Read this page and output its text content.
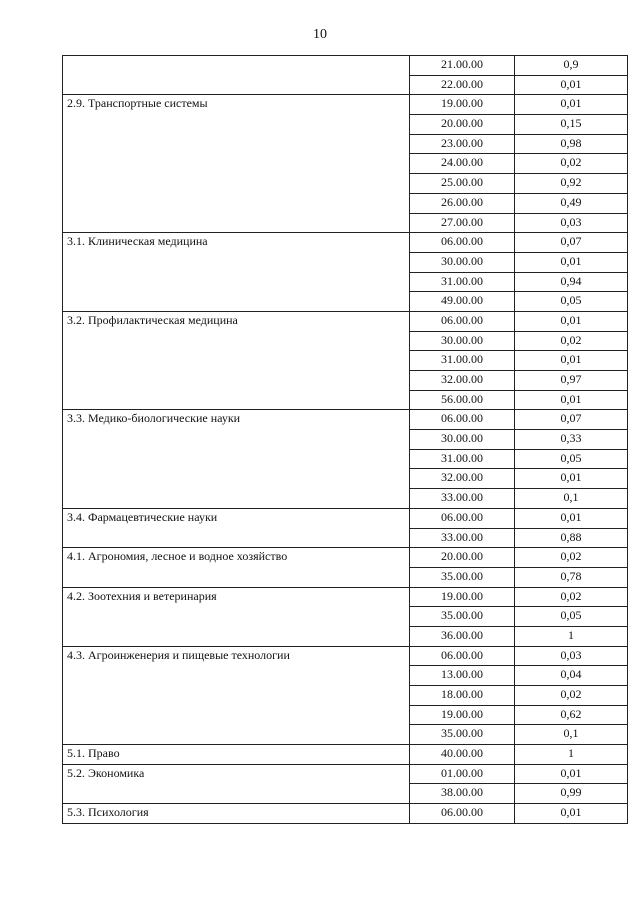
10
	21.00.00	0,9
	22.00.00	0,01
2.9. Транспортные системы	19.00.00	0,01
	20.00.00	0,15
	23.00.00	0,98
	24.00.00	0,02
	25.00.00	0,92
	26.00.00	0,49
	27.00.00	0,03
3.1. Клиническая медицина	06.00.00	0,07
	30.00.00	0,01
	31.00.00	0,94
	49.00.00	0,05
3.2. Профилактическая медицина	06.00.00	0,01
	30.00.00	0,02
	31.00.00	0,01
	32.00.00	0,97
	56.00.00	0,01
3.3. Медико-биологические науки	06.00.00	0,07
	30.00.00	0,33
	31.00.00	0,05
	32.00.00	0,01
	33.00.00	0,1
3.4. Фармацевтические науки	06.00.00	0,01
	33.00.00	0,88
4.1. Агрономия, лесное и водное хозяйство	20.00.00	0,02
	35.00.00	0,78
4.2. Зоотехния и ветеринария	19.00.00	0,02
	35.00.00	0,05
	36.00.00	1
4.3. Агроинженерия и пищевые технологии	06.00.00	0,03
	13.00.00	0,04
	18.00.00	0,02
	19.00.00	0,62
	35.00.00	0,1
5.1. Право	40.00.00	1
5.2. Экономика	01.00.00	0,01
	38.00.00	0,99
5.3. Психология	06.00.00	0,01
